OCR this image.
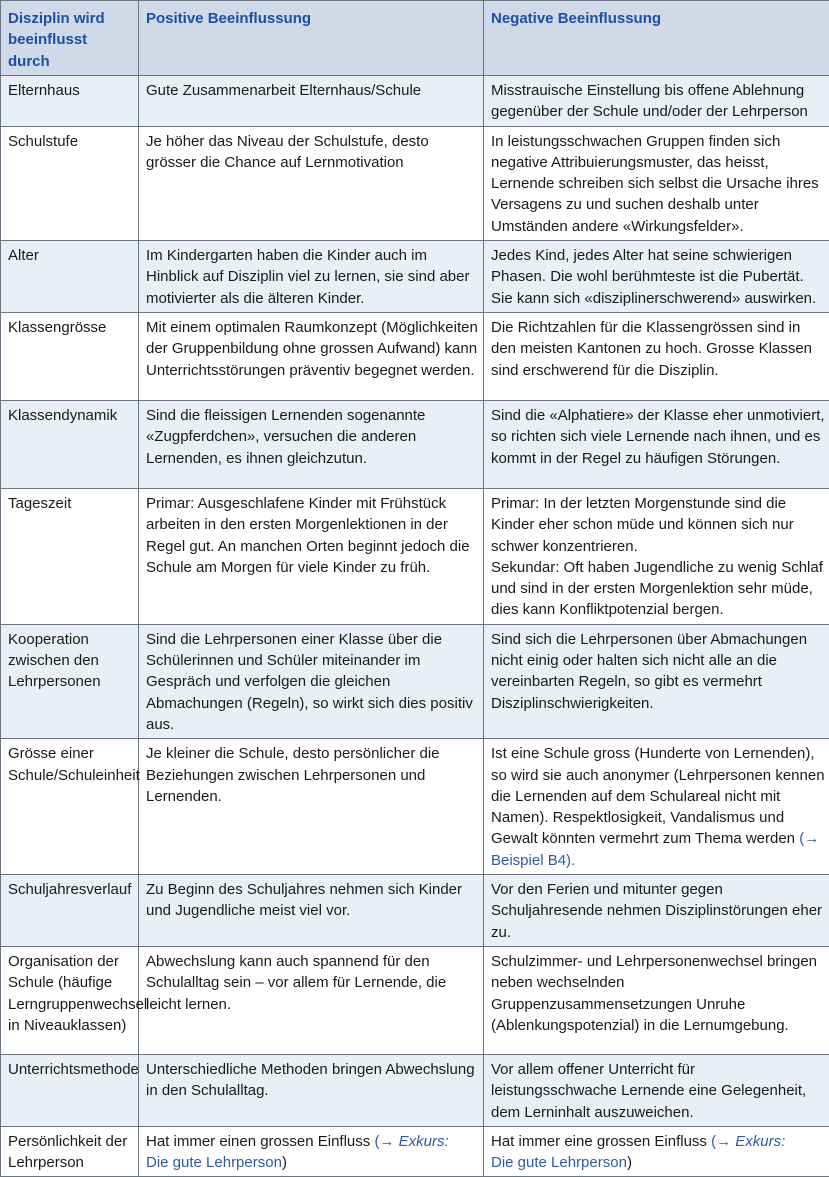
Disziplin wird beeinflusst durch	Positive Beeinflussung	Negative Beeinflussung
Elternhaus	Gute Zusammenarbeit Elternhaus/Schule	Misstrauische Einstellung bis offene Ablehnung gegenüber der Schule und/oder der Lehrperson
Schulstufe	Je höher das Niveau der Schulstufe, desto grösser die Chance auf Lernmotivation	In leistungsschwachen Gruppen finden sich negative Attribuierungsmuster, das heisst, Lernende schreiben sich selbst die Ursache ihres Versagens zu und suchen deshalb unter Umständen andere «Wirkungsfelder».
Alter	Im Kindergarten haben die Kinder auch im Hinblick auf Disziplin viel zu lernen, sie sind aber motivierter als die älteren Kinder.	Jedes Kind, jedes Alter hat seine schwierigen Phasen. Die wohl berühmteste ist die Pubertät. Sie kann sich «disziplinerschwerend» auswirken.
Klassengrösse	Mit einem optimalen Raumkonzept (Möglichkeiten der Gruppenbildung ohne grossen Aufwand) kann Unterrichtsstörungen präventiv begegnet werden.	Die Richtzahlen für die Klassengrössen sind in den meisten Kantonen zu hoch. Grosse Klassen sind erschwerend für die Disziplin.
Klassendynamik	Sind die fleissigen Lernenden sogenannte «Zugpferdchen», versuchen die anderen Lernenden, es ihnen gleichzutun.	Sind die «Alphatiere» der Klasse eher unmotiviert, so richten sich viele Lernende nach ihnen, und es kommt in der Regel zu häufigen Störungen.
Tageszeit	Primar: Ausgeschlafene Kinder mit Frühstück arbeiten in den ersten Morgenlektionen in der Regel gut. An manchen Orten beginnt jedoch die Schule am Morgen für viele Kinder zu früh.	Primar: In der letzten Morgenstunde sind die Kinder eher schon müde und können sich nur schwer konzentrieren.
Sekundar: Oft haben Jugendliche zu wenig Schlaf und sind in der ersten Morgenlektion sehr müde, dies kann Konfliktpotenzial bergen.

Kooperation zwischen den Lehrpersonen	Sind die Lehrpersonen einer Klasse über die Schülerinnen und Schüler miteinander im Gespräch und verfolgen die gleichen Abmachungen (Regeln), so wirkt sich dies positiv aus.	Sind sich die Lehrpersonen über Abmachungen nicht einig oder halten sich nicht alle an die vereinbarten Regeln, so gibt es vermehrt Disziplinschwierigkeiten.
Grösse einer Schule/Schuleinheit	Je kleiner die Schule, desto persönlicher die Beziehungen zwischen Lehrpersonen und Lernenden.	Ist eine Schule gross (Hunderte von Lernenden), so wird sie auch anonymer (Lehrpersonen kennen die Lernenden auf dem Schulareal nicht mit Namen). Respektlosigkeit, Vandalismus und Gewalt könnten vermehrt zum Thema werden (→ Beispiel B4).
Schuljahresverlauf	Zu Beginn des Schuljahres nehmen sich Kinder und Jugendliche meist viel vor.	Vor den Ferien und mitunter gegen Schuljahresende nehmen Disziplinstörungen eher zu.
Organisation der Schule (häufige Lerngruppenwechsel in Niveauklassen)	Abwechslung kann auch spannend für den Schulalltag sein – vor allem für Lernende, die leicht lernen.	Schulzimmer- und Lehrpersonenwechsel bringen neben wechselnden Gruppenzusammensetzungen Unruhe (Ablenkungspotenzial) in die Lernumgebung.
Unterrichtsmethode	Unterschiedliche Methoden bringen Abwechslung in den Schulalltag.	Vor allem offener Unterricht für leistungsschwache Lernende eine Gelegenheit, dem Lerninhalt auszuweichen.
Persönlichkeit der Lehrperson	Hat immer einen grossen Einfluss (→ Exkurs:
Die gute Lehrperson)	Hat immer eine grossen Einfluss (→ Exkurs:
Die gute Lehrperson)
